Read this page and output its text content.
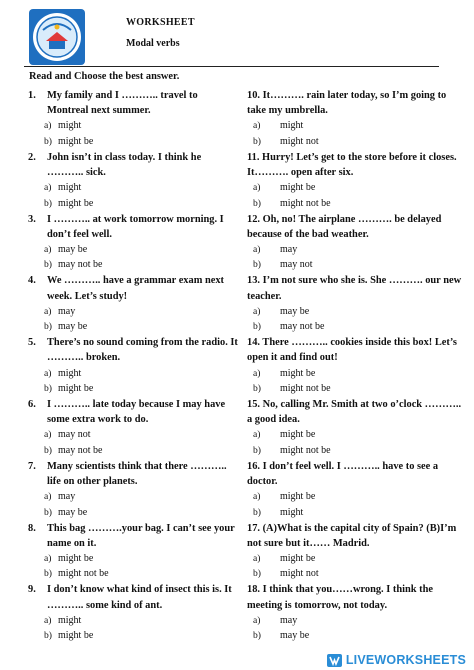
WORKSHEET
Modal verbs
Read and Choose the best answer.
1. My family and I ……….. travel to Montreal next summer.
a) might
b) might be
2. John isn’t in class today. I think he ……….. sick.
a) might
b) might be
3. I ……….. at work tomorrow morning. I don’t feel well.
a) may be
b) may not be
4. We ……….. have a grammar exam next week. Let’s study!
a) may
b) may be
5. There’s no sound coming from the radio. It ……….. broken.
a) might
b) might be
6. I ……….. late today because I may have some extra work to do.
a) may not
b) may not be
7. Many scientists think that there ……….. life on other planets.
a) may
b) may be
8. This bag ……….your bag. I can’t see your name on it.
a) might be
b) might not be
9. I don’t know what kind of insect this is. It ……….. some kind of ant.
a) might
b) might be
10. It………. rain later today, so I’m going to take my umbrella.
a) might
b) might not
11. Hurry! Let’s get to the store before it closes. It………. open after six.
a) might be
b) might not be
12. Oh, no! The airplane ………. be delayed because of the bad weather.
a) may
b) may not
13. I’m not sure who she is. She ………. our new teacher.
a) may be
b) may not be
14. There ……….. cookies inside this box! Let’s open it and find out!
a) might be
b) might not be
15. No, calling Mr. Smith at two o’clock ……….. a good idea.
a) might be
b) might not be
16. I don’t feel well. I ……….. have to see a doctor.
a) might be
b) might
17. (A)What is the capital city of Spain? (B)I’m not sure but it…… Madrid.
a) might be
b) might not
18. I think that you……wrong. I think the meeting is tomorrow, not today.
a) may
b) may be
LIVEWORKSHEETS
